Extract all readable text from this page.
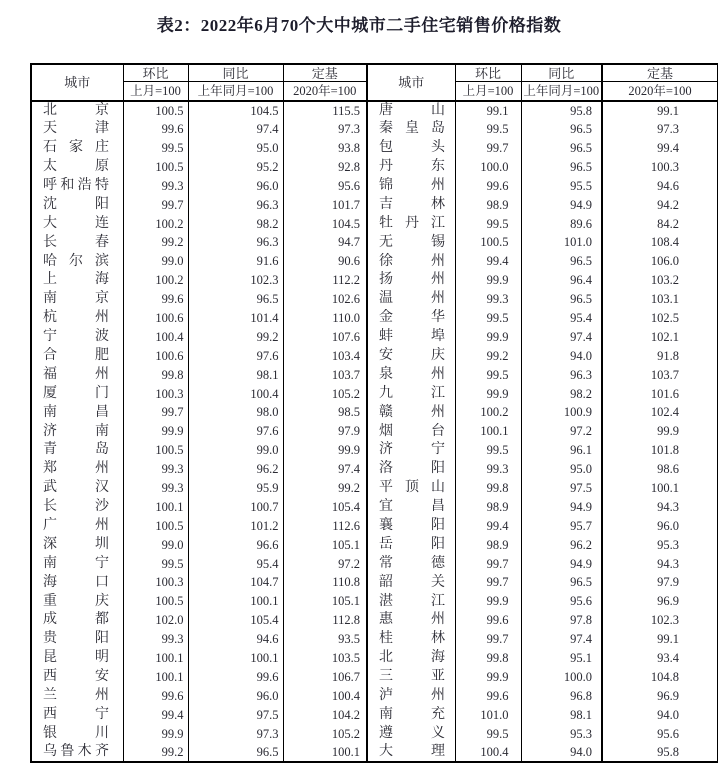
表2：2022年6月70个大中城市二手住宅销售价格指数
城市	环比	同比	定基	城市	环比	同比	定基
	上月=100	上年同月=100	2020年=100		上月=100	上年同月=100	2020年=100
北京	100.5	104.5	115.5	唐山	99.1	95.8	99.1
天津	99.6	97.4	97.3	秦皇岛	99.5	96.5	97.3
石家庄	99.5	95.0	93.8	包头	99.7	96.5	99.4
太原	100.5	95.2	92.8	丹东	100.0	96.5	100.3
呼和浩特	99.3	96.0	95.6	锦州	99.6	95.5	94.6
沈阳	99.7	96.3	101.7	吉林	98.9	94.9	94.2
大连	100.2	98.2	104.5	牡丹江	99.5	89.6	84.2
长春	99.2	96.3	94.7	无锡	100.5	101.0	108.4
哈尔滨	99.0	91.6	90.6	徐州	99.4	96.5	106.0
上海	100.2	102.3	112.2	扬州	99.9	96.4	103.2
南京	99.6	96.5	102.6	温州	99.3	96.5	103.1
杭州	100.6	101.4	110.0	金华	99.5	95.4	102.5
宁波	100.4	99.2	107.6	蚌埠	99.9	97.4	102.1
合肥	100.6	97.6	103.4	安庆	99.2	94.0	91.8
福州	99.8	98.1	103.7	泉州	99.5	96.3	103.7
厦门	100.3	100.4	105.2	九江	99.9	98.2	101.6
南昌	99.7	98.0	98.5	赣州	100.2	100.9	102.4
济南	99.9	97.6	97.9	烟台	100.1	97.2	99.9
青岛	100.5	99.0	99.9	济宁	99.5	96.1	101.8
郑州	99.3	96.2	97.4	洛阳	99.3	95.0	98.6
武汉	99.3	95.9	99.2	平顶山	99.8	97.5	100.1
长沙	100.1	100.7	105.4	宜昌	98.9	94.9	94.3
广州	100.5	101.2	112.6	襄阳	99.4	95.7	96.0
深圳	99.0	96.6	105.1	岳阳	98.9	96.2	95.3
南宁	99.5	95.4	97.2	常德	99.7	94.9	94.3
海口	100.3	104.7	110.8	韶关	99.7	96.5	97.9
重庆	100.5	100.1	105.1	湛江	99.9	95.6	96.9
成都	102.0	105.4	112.8	惠州	99.6	97.8	102.3
贵阳	99.3	94.6	93.5	桂林	99.7	97.4	99.1
昆明	100.1	100.1	103.5	北海	99.8	95.1	93.4
西安	100.1	99.6	106.7	三亚	99.9	100.0	104.8
兰州	99.6	96.0	100.4	泸州	99.6	96.8	96.9
西宁	99.4	97.5	104.2	南充	101.0	98.1	94.0
银川	99.9	97.3	105.2	遵义	99.5	95.3	95.6
乌鲁木齐	99.2	96.5	100.1	大理	100.4	94.0	95.8
